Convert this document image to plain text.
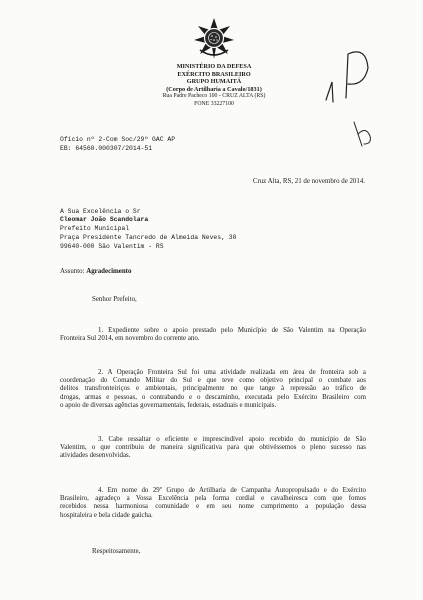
MINISTÉRIO DA DEFESA
EXÉRCITO BRASILEIRO
GRUPO HUMAITÁ
(Corpo de Artilharia a Cavalo/1831)
Rua Padre Pacheco 100 - CRUZ ALTA (RS)
FONE 33227100
Ofício nº 2-Com Soc/29º GAC AP
EB: 64560.000307/2014-51
Cruz Alta, RS, 21 de novembro de 2014.
A Sua Excelência o Sr
Cleomar João Scandolara
Prefeito Municipal
Praça Presidente Tancredo de Almeida Neves, 30
99640-000 São Valentim - RS
Assunto: Agradecimento
Senhor Prefeito,
1. Expediente sobre o apoio prestado pelo Município de São Valentim na Operação
Fronteira Sul 2014, em novembro do corrente ano.
2. A Operação Fronteira Sul foi uma atividade realizada em área de fronteira sob a
coordenação do Comando Militar do Sul e que teve como objetivo principal o combate aos
delitos transfronteiriços e ambientais, principalmente no que tange à repressão ao tráfico de
drogas, armas e pessoas, o contrabando e o descaminho, executada pelo Exército Brasileiro com
o apoio de diversas agências governamentais, federais, estaduais e municipais.
3. Cabe ressaltar o eficiente e imprescindível apoio recebido do município de São
Valentim, o que contribuiu de maneira significativa para que obtivéssemos o pleno sucesso nas
atividades desenvolvidas.
4. Em nome do 29º Grupo de Artilharia de Campanha Autopropulsado e do Exército
Brasileiro, agradeço a Vossa Excelência pela forma cordial e cavalheiresca com que fomos
recebidos nessa harmoniosa comunidade e em seu nome cumprimento a população dessa
hospitaleira e bela cidade gaúcha.
Respeitosamente,
